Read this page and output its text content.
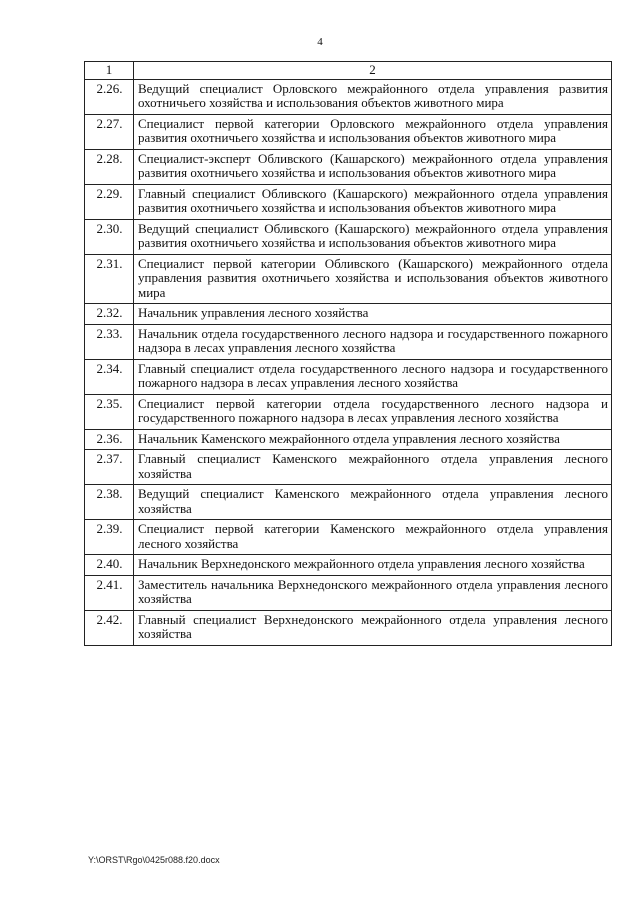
4
1	2
2.26.	Ведущий специалист Орловского межрайонного отдела управления развития охотничьего хозяйства и использования объектов животного мира
2.27.	Специалист первой категории Орловского межрайонного отдела управления развития охотничьего хозяйства и использования объектов животного мира
2.28.	Специалист-эксперт Обливского (Кашарского) межрайонного отдела управления развития охотничьего хозяйства и использования объектов животного мира
2.29.	Главный специалист Обливского (Кашарского) межрайонного отдела управления развития охотничьего хозяйства и использования объектов животного мира
2.30.	Ведущий специалист Обливского (Кашарского) межрайонного отдела управления развития охотничьего хозяйства и использования объектов животного мира
2.31.	Специалист первой категории Обливского (Кашарского) межрайонного отдела управления развития охотничьего хозяйства и использования объектов животного мира
2.32.	Начальник управления лесного хозяйства
2.33.	Начальник отдела государственного лесного надзора и государственного пожарного надзора в лесах управления лесного хозяйства
2.34.	Главный специалист отдела государственного лесного надзора и государственного пожарного надзора в лесах управления лесного хозяйства
2.35.	Специалист первой категории отдела государственного лесного надзора и государственного пожарного надзора в лесах управления лесного хозяйства
2.36.	Начальник Каменского межрайонного отдела управления лесного хозяйства
2.37.	Главный специалист Каменского межрайонного отдела управления лесного хозяйства
2.38.	Ведущий специалист Каменского межрайонного отдела управления лесного хозяйства
2.39.	Специалист первой категории Каменского межрайонного отдела управления лесного хозяйства
2.40.	Начальник Верхнедонского межрайонного отдела управления лесного хозяйства
2.41.	Заместитель начальника Верхнедонского межрайонного отдела управления лесного хозяйства
2.42.	Главный специалист Верхнедонского межрайонного отдела управления лесного хозяйства
Y:\ORST\Rgo\0425r088.f20.docx
